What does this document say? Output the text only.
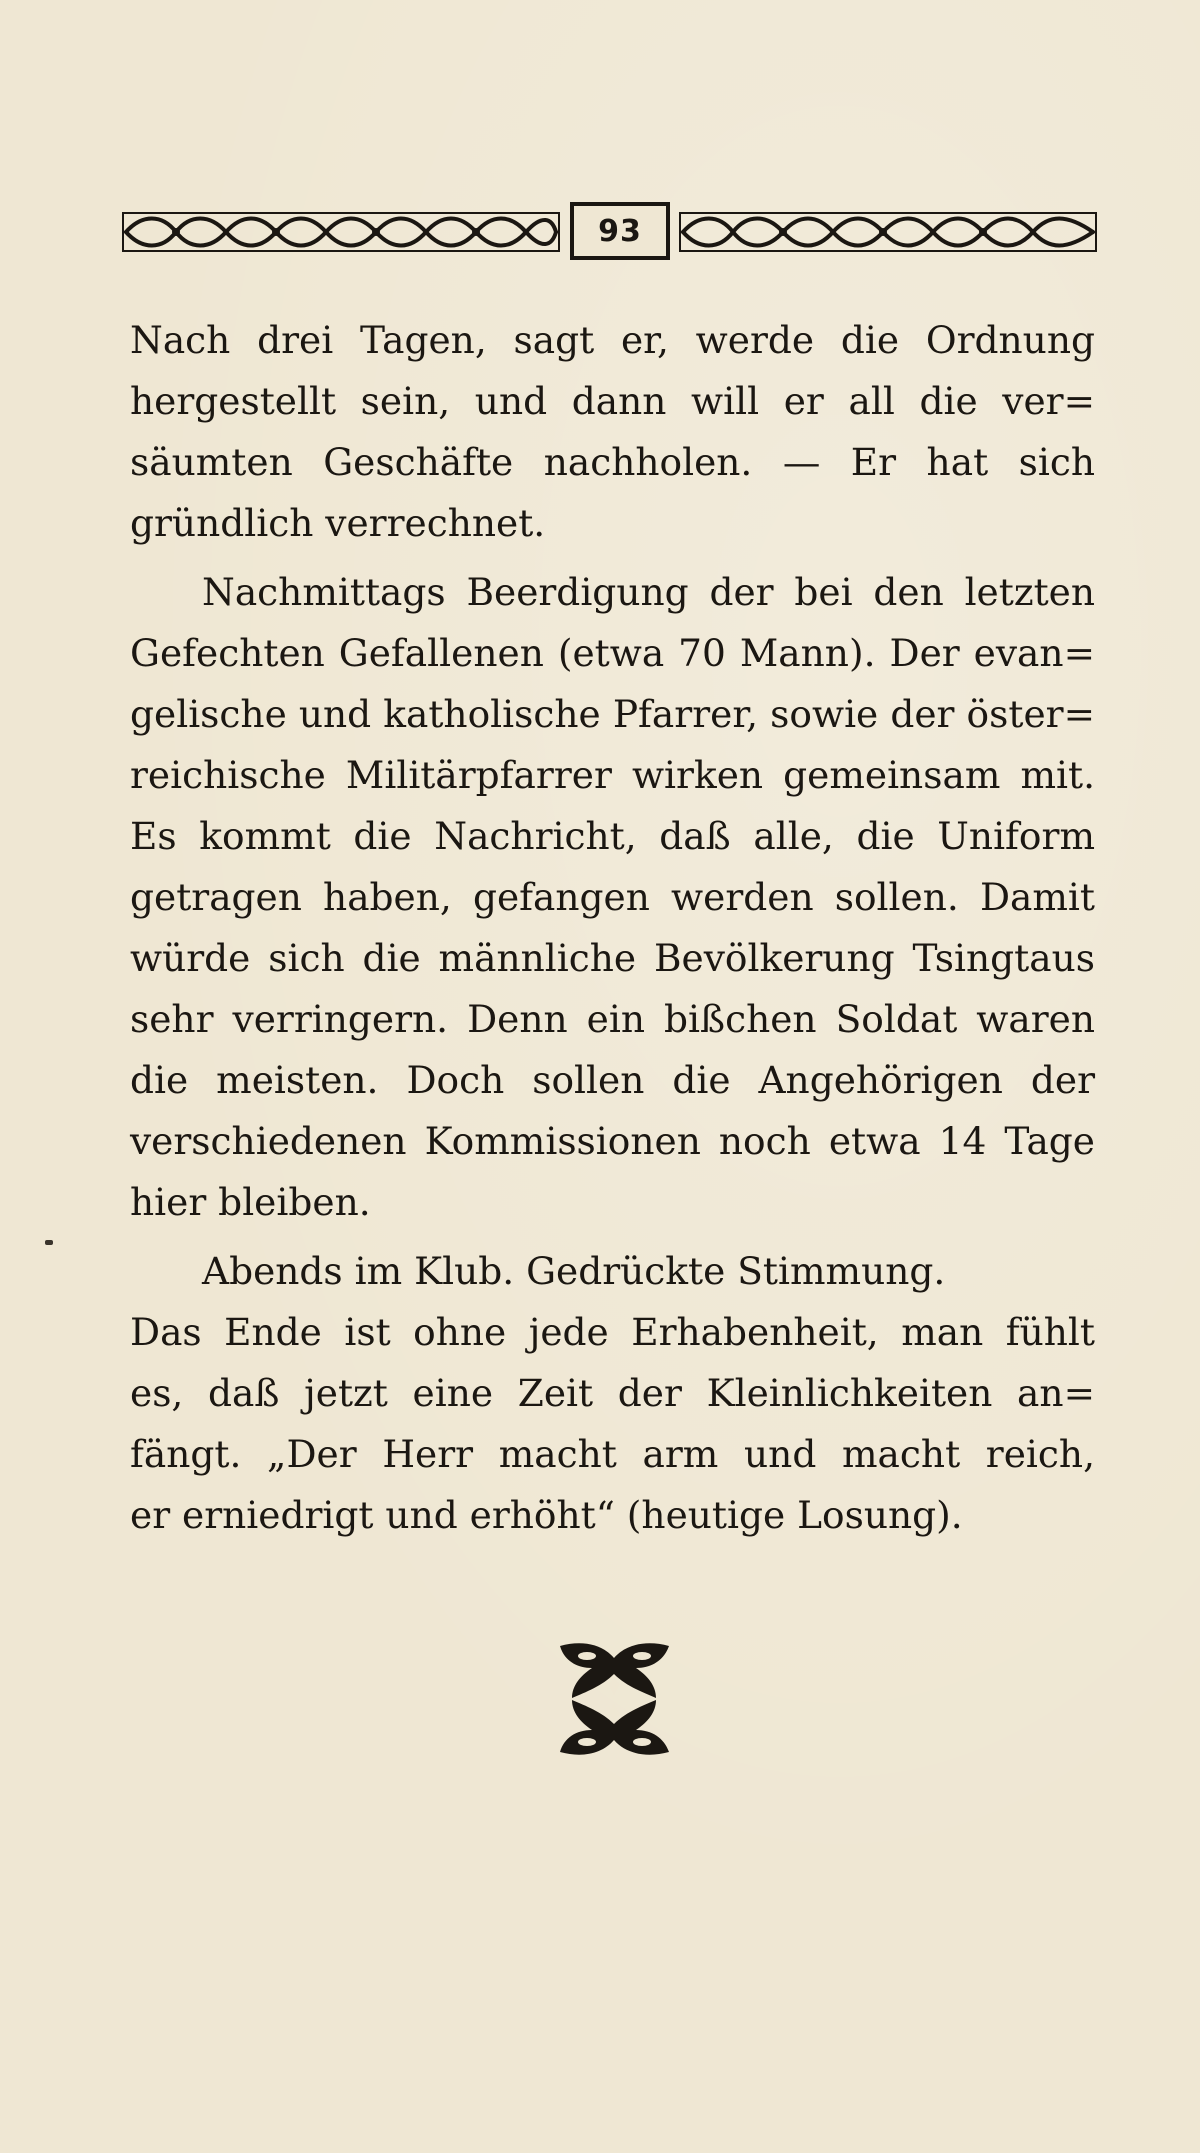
93
Nach drei Tagen, sagt er, werde die Ordnung
hergestellt sein, und dann will er all die ver=
säumten Geschäfte nachholen. — Er hat sich
gründlich verrechnet.
Nachmittags Beerdigung der bei den letzten
Gefechten Gefallenen (etwa 70 Mann). Der evan=
gelische und katholische Pfarrer, sowie der öster=
reichische Militärpfarrer wirken gemeinsam mit.
Es kommt die Nachricht, daß alle, die Uniform
getragen haben, gefangen werden sollen. Damit
würde sich die männliche Bevölkerung Tsingtaus
sehr verringern. Denn ein bißchen Soldat waren
die meisten. Doch sollen die Angehörigen der
verschiedenen Kommissionen noch etwa 14 Tage
hier bleiben.
Abends im Klub. Gedrückte Stimmung.
Das Ende ist ohne jede Erhabenheit, man fühlt
es, daß jetzt eine Zeit der Kleinlichkeiten an=
fängt. „Der Herr macht arm und macht reich,
er erniedrigt und erhöht“ (heutige Losung).
